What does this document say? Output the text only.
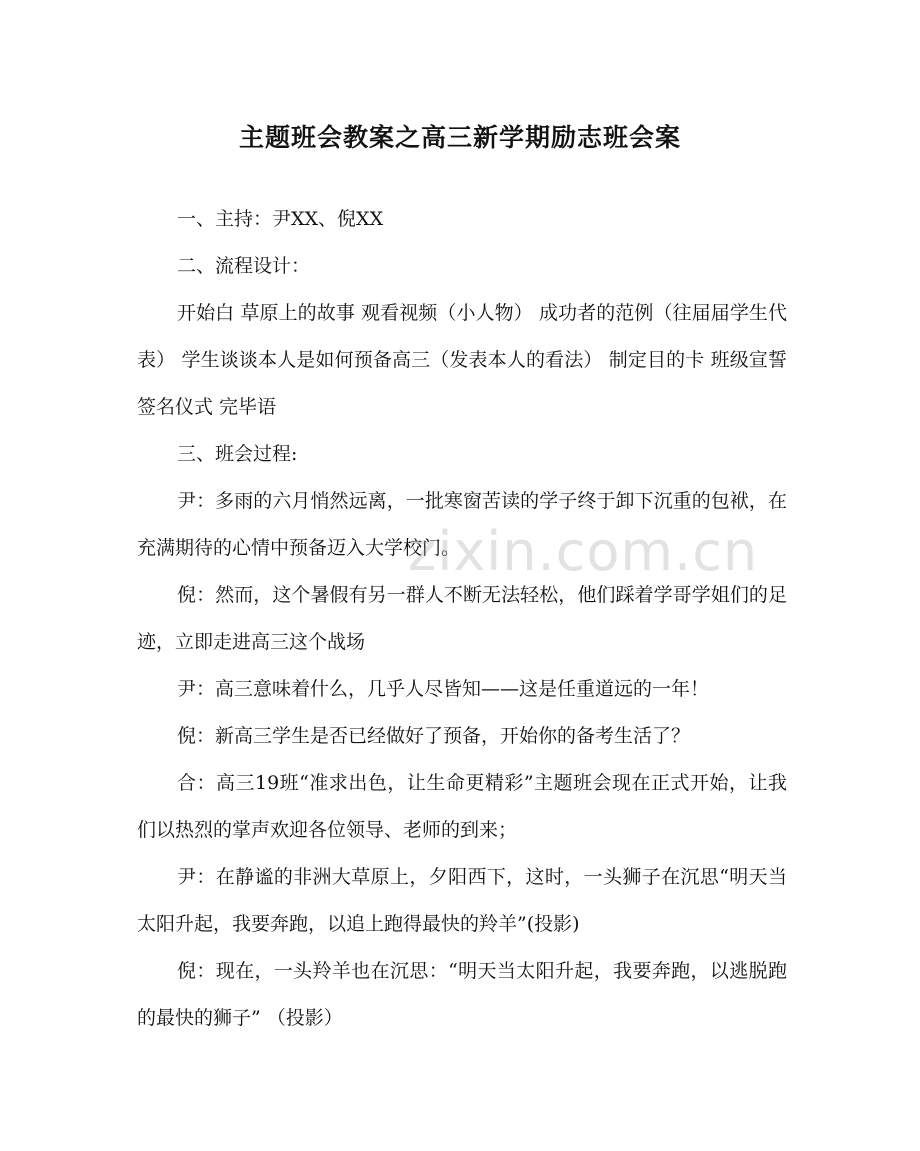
主题班会教案之高三新学期励志班会案

一、主持：尹XX、倪XX

二、流程设计：

开始白 草原上的故事 观看视频（小人物） 成功者的范例（往届届学生代表） 学生谈谈本人是如何预备高三（发表本人的看法） 制定目的卡 班级宣誓 签名仪式 完毕语

三、班会过程:

尹：多雨的六月悄然远离，一批寒窗苦读的学子终于卸下沉重的包袱，在充满期待的心情中预备迈入大学校门。

倪：然而，这个暑假有另一群人不断无法轻松，他们踩着学哥学姐们的足迹，立即走进高三这个战场

尹：高三意味着什么，几乎人尽皆知——这是任重道远的一年！

倪：新高三学生是否已经做好了预备，开始你的备考生活了？

合：高三19班“准求出色，让生命更精彩”主题班会现在正式开始，让我们以热烈的掌声欢迎各位领导、老师的到来；

尹：在静谧的非洲大草原上，夕阳西下，这时，一头狮子在沉思“明天当太阳升起，我要奔跑，以追上跑得最快的羚羊”(投影)

倪：现在，一头羚羊也在沉思：“明天当太阳升起，我要奔跑，以逃脱跑的最快的狮子” （投影）

zixin.com.cn
